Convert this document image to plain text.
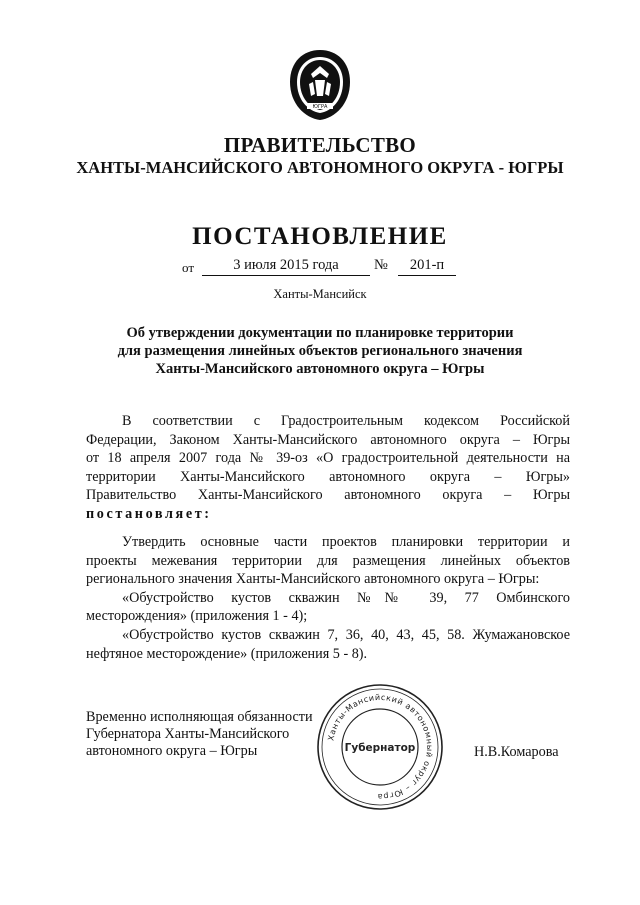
ЮГРА
ПРАВИТЕЛЬСТВО
ХАНТЫ-МАНСИЙСКОГО АВТОНОМНОГО ОКРУГА - ЮГРЫ
ПОСТАНОВЛЕНИЕ
от	3 июля 2015 года	№	201-п
Ханты-Мансийск
Об утверждении документации по планировке территории
для размещения линейных объектов регионального значения
Ханты-Мансийского автономного округа – Югры
В соответствии с Градостроительным кодексом Российской
Федерации, Законом Ханты-Мансийского автономного округа – Югры
от 18 апреля 2007 года № 39-оз «О градостроительной деятельности на
территории Ханты-Мансийского автономного округа – Югры»
Правительство Ханты-Мансийского автономного округа – Югры
постановляет:
Утвердить основные части проектов планировки территории и
проекты межевания территории для размещения линейных объектов
регионального значения Ханты-Мансийского автономного округа – Югры:
«Обустройство кустов скважин №№ 39, 77 Омбинского
месторождения» (приложения 1 - 4);
«Обустройство кустов скважин 7, 36, 40, 43, 45, 58. Жумажановское
нефтяное месторождение» (приложения 5 - 8).
Временно исполняющая обязанности
Губернатора Ханты-Мансийского
автономного округа – Югры
Ханты-Мансийский автономный округ – Югра
Губернатор	Н.В.Комарова
